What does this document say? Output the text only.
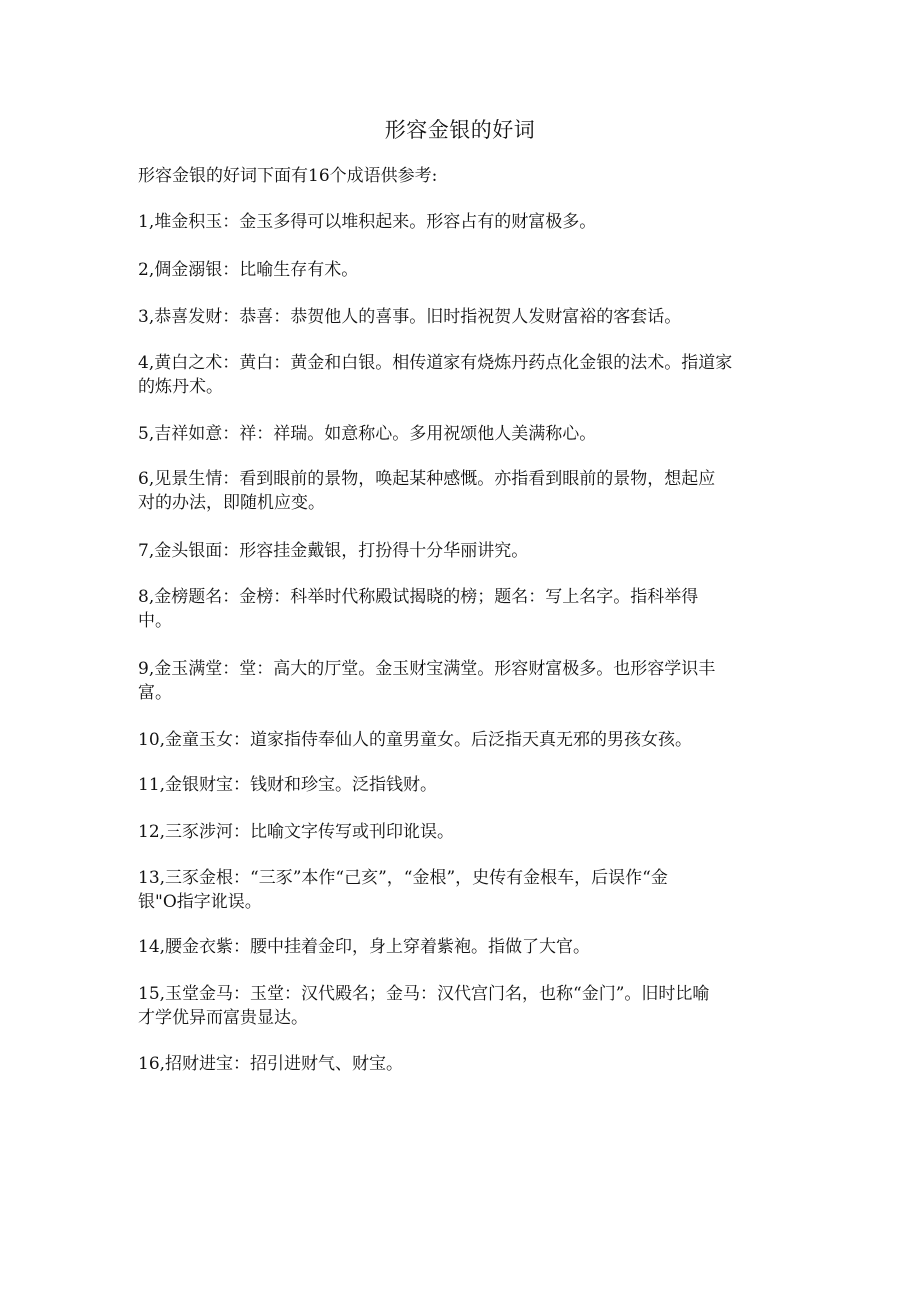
形容金银的好词
形容金银的好词下面有16个成语供参考:

1,堆金积玉：金玉多得可以堆积起来。形容占有的财富极多。

2,倜金溺银：比喻生存有术。

3,恭喜发财：恭喜：恭贺他人的喜事。旧时指祝贺人发财富裕的客套话。

4,黄白之术：黄白：黄金和白银。相传道家有烧炼丹药点化金银的法术。指道家
的炼丹术。

5,吉祥如意：祥：祥瑞。如意称心。多用祝颂他人美满称心。

6,见景生情：看到眼前的景物，唤起某种感慨。亦指看到眼前的景物，想起应
对的办法，即随机应变。

7,金头银面：形容挂金戴银，打扮得十分华丽讲究。

8,金榜题名：金榜：科举时代称殿试揭晓的榜；题名：写上名字。指科举得
中。

9,金玉满堂：堂：高大的厅堂。金玉财宝满堂。形容财富极多。也形容学识丰
富。

10,金童玉女：道家指侍奉仙人的童男童女。后泛指天真无邪的男孩女孩。

11,金银财宝：钱财和珍宝。泛指钱财。

12,三豕涉河：比喻文字传写或刊印讹误。

13,三豕金根：“三豕”本作“己亥”，“金根”，史传有金根车，后误作“金
银"O指字讹误。

14,腰金衣紫：腰中挂着金印，身上穿着紫袍。指做了大官。

15,玉堂金马：玉堂：汉代殿名；金马：汉代宫门名，也称“金门”。旧时比喻
才学优异而富贵显达。

16,招财进宝：招引进财气、财宝。
